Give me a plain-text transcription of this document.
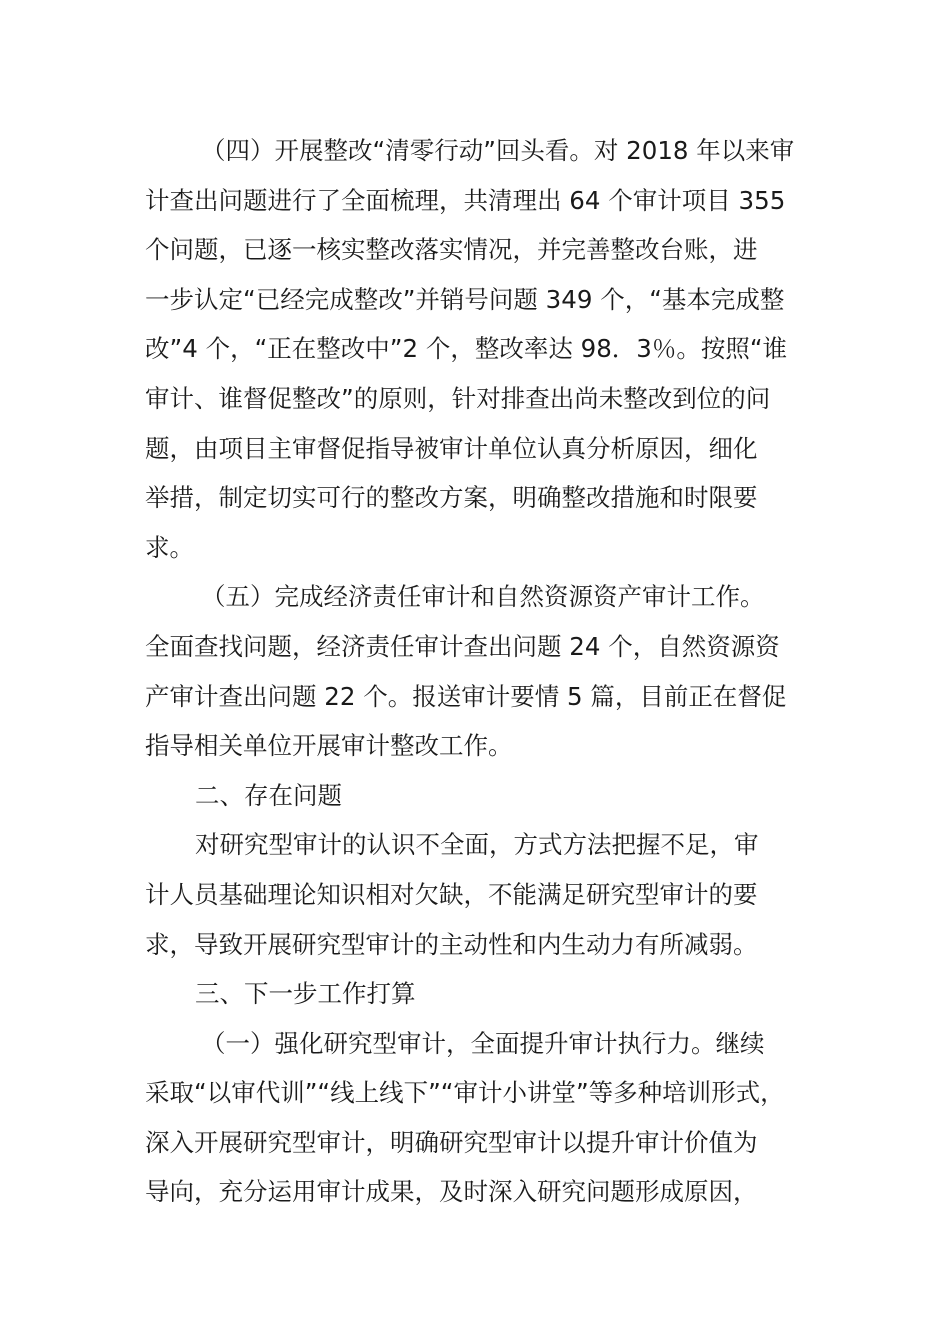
（四）开展整改“清零行动”回头看。对 2018 年以来审
计查出问题进行了全面梳理，共清理出 64 个审计项目 355
个问题，已逐一核实整改落实情况，并完善整改台账，进
一步认定“已经完成整改”并销号问题 349 个，“基本完成整
改”4 个，“正在整改中”2 个，整改率达 98．3％。按照“谁
审计、谁督促整改”的原则，针对排查出尚未整改到位的问
题，由项目主审督促指导被审计单位认真分析原因，细化
举措，制定切实可行的整改方案，明确整改措施和时限要
求。
（五）完成经济责任审计和自然资源资产审计工作。
全面查找问题，经济责任审计查出问题 24 个，自然资源资
产审计查出问题 22 个。报送审计要情 5 篇，目前正在督促
指导相关单位开展审计整改工作。
二、存在问题
对研究型审计的认识不全面，方式方法把握不足，审
计人员基础理论知识相对欠缺，不能满足研究型审计的要
求，导致开展研究型审计的主动性和内生动力有所减弱。
三、下一步工作打算
（一）强化研究型审计，全面提升审计执行力。继续
采取“以审代训”“线上线下”“审计小讲堂”等多种培训形式，
深入开展研究型审计，明确研究型审计以提升审计价值为
导向，充分运用审计成果，及时深入研究问题形成原因，
